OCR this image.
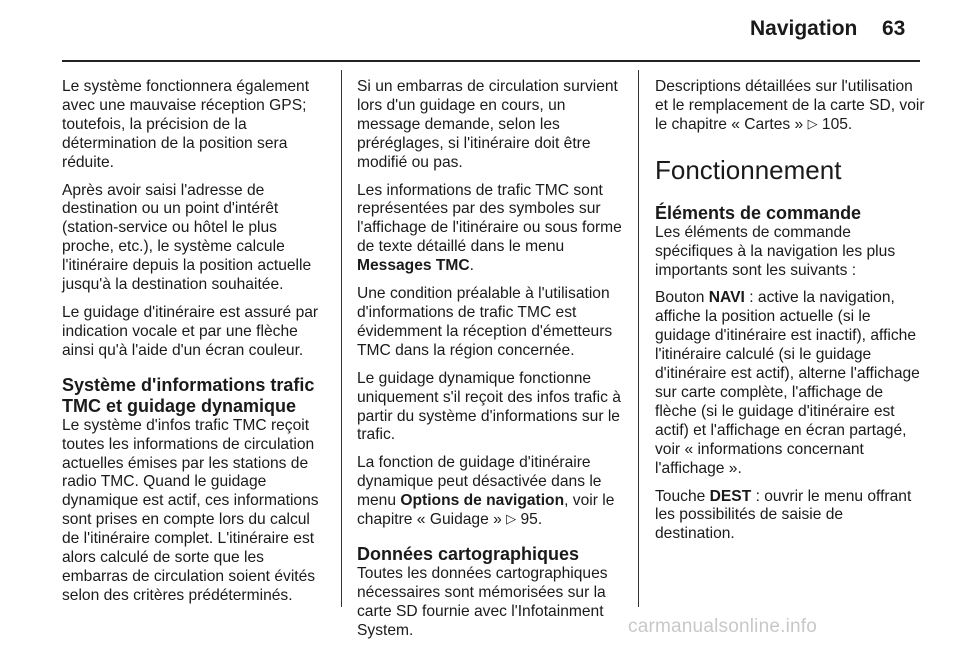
Navigation 63

Le système fonctionnera également avec une mauvaise réception GPS; toutefois, la précision de la détermination de la position sera réduite.

Après avoir saisi l'adresse de destination ou un point d'intérêt (station-service ou hôtel le plus proche, etc.), le système calcule l'itinéraire depuis la position actuelle jusqu'à la destination souhaitée.

Le guidage d'itinéraire est assuré par indication vocale et par une flèche ainsi qu'à l'aide d'un écran couleur.

Système d'informations trafic TMC et guidage dynamique

Le système d'infos trafic TMC reçoit toutes les informations de circulation actuelles émises par les stations de radio TMC. Quand le guidage dynamique est actif, ces informations sont prises en compte lors du calcul de l'itinéraire complet. L'itinéraire est alors calculé de sorte que les embarras de circulation soient évités selon des critères prédéterminés.

Si un embarras de circulation survient lors d'un guidage en cours, un message demande, selon les préréglages, si l'itinéraire doit être modifié ou pas.

Les informations de trafic TMC sont représentées par des symboles sur l'affichage de l'itinéraire ou sous forme de texte détaillé dans le menu Messages TMC.

Une condition préalable à l'utilisation d'informations de trafic TMC est évidemment la réception d'émetteurs TMC dans la région concernée.

Le guidage dynamique fonctionne uniquement s'il reçoit des infos trafic à partir du système d'informations sur le trafic.

La fonction de guidage d'itinéraire dynamique peut désactivée dans le menu Options de navigation, voir le chapitre « Guidage » ▷ 95.

Données cartographiques

Toutes les données cartographiques nécessaires sont mémorisées sur la carte SD fournie avec l'Infotainment System.

Descriptions détaillées sur l'utilisation et le remplacement de la carte SD, voir le chapitre « Cartes » ▷ 105.

Fonctionnement
Éléments de commande

Les éléments de commande spécifiques à la navigation les plus importants sont les suivants :

Bouton NAVI : active la navigation, affiche la position actuelle (si le guidage d'itinéraire est inactif), affiche l'itinéraire calculé (si le guidage d'itinéraire est actif), alterne l'affichage sur carte complète, l'affichage de flèche (si le guidage d'itinéraire est actif) et l'affichage en écran partagé, voir « informations concernant l'affichage ».

Touche DEST : ouvrir le menu offrant les possibilités de saisie de destination.

carmanualsonline.info
